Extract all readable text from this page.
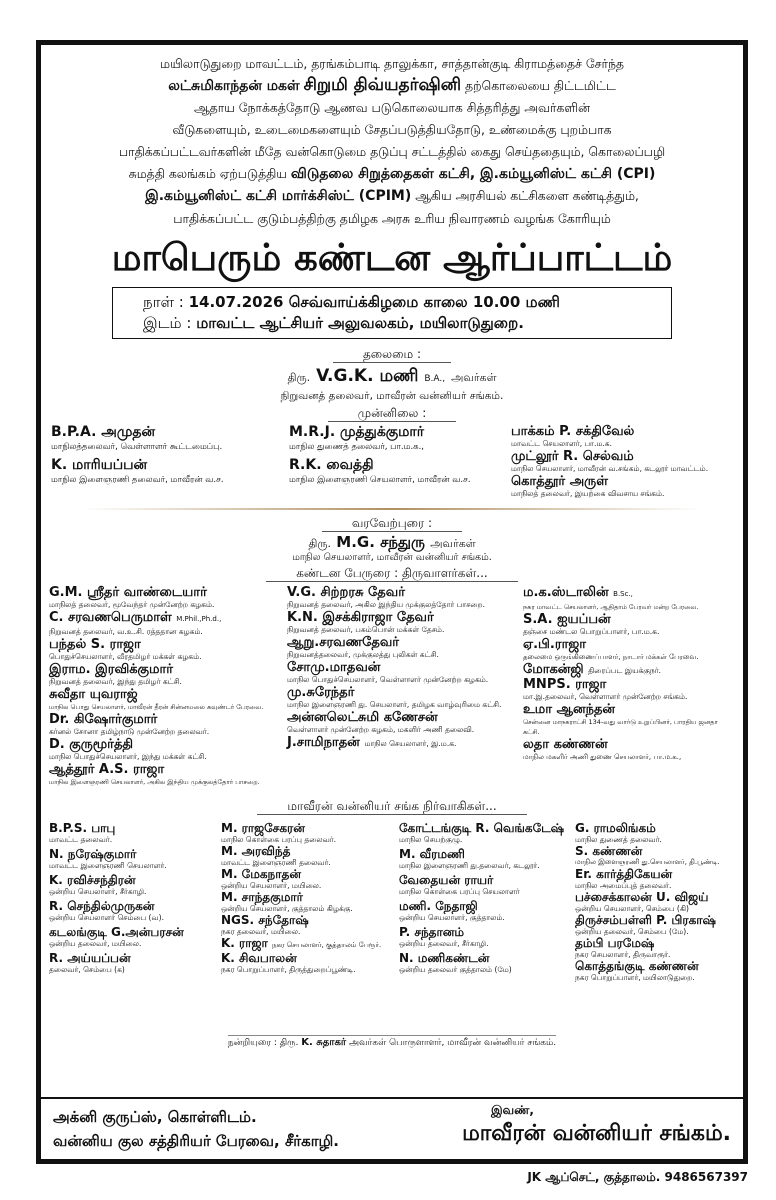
மயிலாடுதுறை மாவட்டம், தரங்கம்பாடி தாலுக்கா, சாத்தான்குடி கிராமத்தைச் சேர்ந்த
லட்சுமிகாந்தன் மகள் சிறுமி திவ்யதர்ஷினி தற்கொலையை திட்டமிட்ட
ஆதாய நோக்கத்தோடு ஆணவ படுகொலையாக சித்தரித்து அவர்களின்
வீடுகளையும், உடைமைகளையும் சேதப்படுத்தியதோடு, உண்மைக்கு புறம்பாக
பாதிக்கப்பட்டவர்களின் மீதே வன்கொடுமை தடுப்பு சட்டத்தில் கைது செய்ததையும், கொலைப்பழி
சுமத்தி கலங்கம் ஏற்படுத்திய விடுதலை சிறுத்தைகள் கட்சி, இ.கம்யூனிஸ்ட் கட்சி (CPI)
இ.கம்யூனிஸ்ட் கட்சி மார்க்சிஸ்ட் (CPIM) ஆகிய அரசியல் கட்சிகளை கண்டித்தும்,
பாதிக்கப்பட்ட குடும்பத்திற்கு தமிழக அரசு உரிய நிவாரணம் வழங்க கோரியும்
மாபெரும் கண்டன ஆர்ப்பாட்டம்
நாள் : 14.07.2026 செவ்வாய்க்கிழமை காலை 10.00 மணி
இடம் : மாவட்ட ஆட்சியர் அலுவலகம், மயிலாடுதுறை.
தலைமை :
திரு. V.G.K. மணி B.A., அவர்கள்
நிறுவனத் தலைவர், மாவீரன் வன்னியர் சங்கம்.
முன்னிலை :
B.P.A. அமுதன்
மாநிலத்தலைவர், வெள்ளாளர் கூட்டமைப்பு.
K. மாரியப்பன்
மாநில இளைஞரணி தலைவர், மாவீரன் வ.ச.
M.R.J. முத்துக்குமார்
மாநில துணைத் தலைவர், பா.ம.க.,
R.K. வைத்தி
மாநில இளைஞரணி செயலாளர், மாவீரன் வ.ச.
பாக்கம் P. சக்திவேல்
மாவட்ட செயலாளர், பா.ம.க.
முட்லூர் R. செல்வம்
மாநில செயலாளர், மாவீரன் வ.சங்கம், கடலூர் மாவட்டம்.
கொத்தூர் அருள்
மாநிலத் தலைவர், இயற்கை விவசாய சங்கம்.
வரவேற்புரை :
திரு. M.G. சந்துரு அவர்கள்
மாநில செயலாளர், மாவீரன் வன்னியர் சங்கம்.
கண்டன பேருரை : திருவாளர்கள்...
G.M. ஸ்ரீதர் வாண்டையார்
மாநிலத் தலைவர், மூவேந்தர் முன்னேற்ற கழகம்.
C. சரவணபெருமாள் M.Phil.,Ph.d.,
நிறுவனத் தலைவர், வ.உ.சி. ரத்ததான கழகம்.
பந்தல் S. ராஜா
பொதுச்செயலாளர், வீரதமிழர் மக்கள் கழகம்.
இராம. இரவிக்குமார்
நிறுவனத் தலைவர், இந்து தமிழர் கட்சி.
சுவீதா யுவராஜ்
மாநில பொது செயலாளர், மாவீரன் தீரன் சின்னமலை கவுண்டர் பேரவை.
Dr. கிஷோர்குமார்
கர்னல் சோனா தமிழ்நாடு முன்னேற்ற தலைவர்.
D. குருமூர்த்தி
மாநில பொதுச்செயலாளர், இந்து மக்கள் கட்சி.
ஆத்தூர் A.S. ராஜா
மாநில இளைஞரணி செயலாளர், அகில இந்திய முக்குலத்தோர் பாசறை.
V.G. சிற்றரசு தேவர்
நிறுவனத் தலைவர், அகில இந்திய முக்குலத்தோர் பாசறை.
K.N. இசக்கிராஜா தேவர்
நிறுவனத் தலைவர், பசும்பொன் மக்கள் தேசம்.
ஆறு.சரவணதேவர்
நிறுவனத்தலைவர், முக்குலத்து புலிகள் கட்சி.
சோமு.மாதவன்
மாநில பொதுச்செயலாளர், வெள்ளாளர் முன்னேற்ற கழகம்.
மு.சுரேந்தர்
மாநில இளைஞரணி து. செயலாளர், தமிழக வாழ்வுரிமை கட்சி.
அன்னலெட்சுமி கணேசன்
வெள்ளாளர் முன்னேற்ற கழகம், மகளிர் அணி தலைவி.
J.சாமிநாதன் மாநில செயலாளர், இ.ம.க.
ம.க.ஸ்டாலின் B.Sc.,
நகர மாவட்ட செயலாளர், ஆதிதாம் பேரவர் மன்ற பேரவை.
S.A. ஐயப்பன்
தஞ்சை மண்டல பொறுப்பாளர், பா.ம.க.
ஏ.பி.ராஜா
தலைமை ஒருங்கிணைப்பாளர், நாடார் மக்கள் பேரவை.
மோகன்ஜி திரைப்பட இயக்குநர்.
MNPS. ராஜா
மா.இ.தலைவர், வெள்ளாளர் முன்னேற்ற சங்கம்.
உமா ஆனந்தன்
சென்னை மாநகராட்சி 134-வது வார்டு உறுப்பினர், பாரதிய ஜனதா கட்சி.
லதா கண்ணன்
மாநில மகளிர் அணி துணை செயலாளர், பா.ம.க.,
மாவீரன் வன்னியர் சங்க நிர்வாகிகள்...
B.P.S. பாபு
மாவட்ட தலைவர்.
N. நரேஷ்குமார்
மாவட்ட இளைஞரணி செயலாளர்.
K. ரவிச்சந்திரன்
ஒன்றிய செயலாளர், சீர்காழி.
R. செந்தில்முருகன்
ஒன்றிய செயலாளர் செம்பை (வ).
கடலங்குடி G.அன்பரசன்
ஒன்றிய தலைவர், மயிலை.
R. அய்யப்பன்
தலைவர், செம்பை (க)
M. ராஜசேகரன்
மாநில கொள்கை பரப்பு தலைவர்.
M. அரவிந்த்
மாவட்ட இளைஞரணி தலைவர்.
M. மேகநாதன்
ஒன்றிய செயலாளர், மயிலை.
M. சாந்தகுமார்
ஒன்றிய செயலாளர், குத்தாலம் கிழக்கு.
NGS. சந்தோஷ்
நகர தலைவர், மயிலை.
K. ராஜா நகர செயலாளர், குத்தாலம் பேரூர்.
K. சிவபாலன்
நகர பொறுப்பாளர், திருத்துறைப்பூண்டி.
கோட்டங்குடி R. வெங்கடேஷ்
மாநில செயற்குழு.
M. வீரமணி
மாநில இளைஞரணி து.தலைவர், கடலூர்.
வேதையன் ராயர்
மாநில கொள்கை பரப்பு செயலாளர்
மணி. நேதாஜி
ஒன்றிய செயலாளர், குத்தாலம்.
P. சந்தானம்
ஒன்றிய தலைவர், சீர்காழி.
N. மணிகண்டன்
ஒன்றிய தலைவர் குத்தாலம் (மே)
G. ராமலிங்கம்
மாநில துணைத் தலைவர்.
S. கண்ணன்
மாநில இளைஞரணி து.செயலாளர், தி.பூண்டி.
Er. கார்த்திகேயன்
மாநில அமைப்புத் தலைவர்.
பச்சைக்காலன் U. விஜய்
ஒன்றிய செயலாளர், செம்பை (கி)
திருச்சம்பள்ளி P. பிரகாஷ்
ஒன்றிய தலைவர், செம்பை (மே).
தம்பி பரமேஷ்
நகர செயலாளர், திருவாரூர்.
கொத்தங்குடி கண்ணன்
நகர பொறுப்பாளர், மயிலாடுதுறை.
நன்றியுரை : திரு. K. சுதாகர் அவர்கள் பொருளாளர், மாவீரன் வன்னியர் சங்கம்.
அக்னி குருப்ஸ், கொள்ளிடம்.
வன்னிய குல சத்திரியர் பேரவை, சீர்காழி.
இவண்,
மாவீரன் வன்னியர் சங்கம்.
JK ஆப்செட், குத்தாலம். 9486567397
